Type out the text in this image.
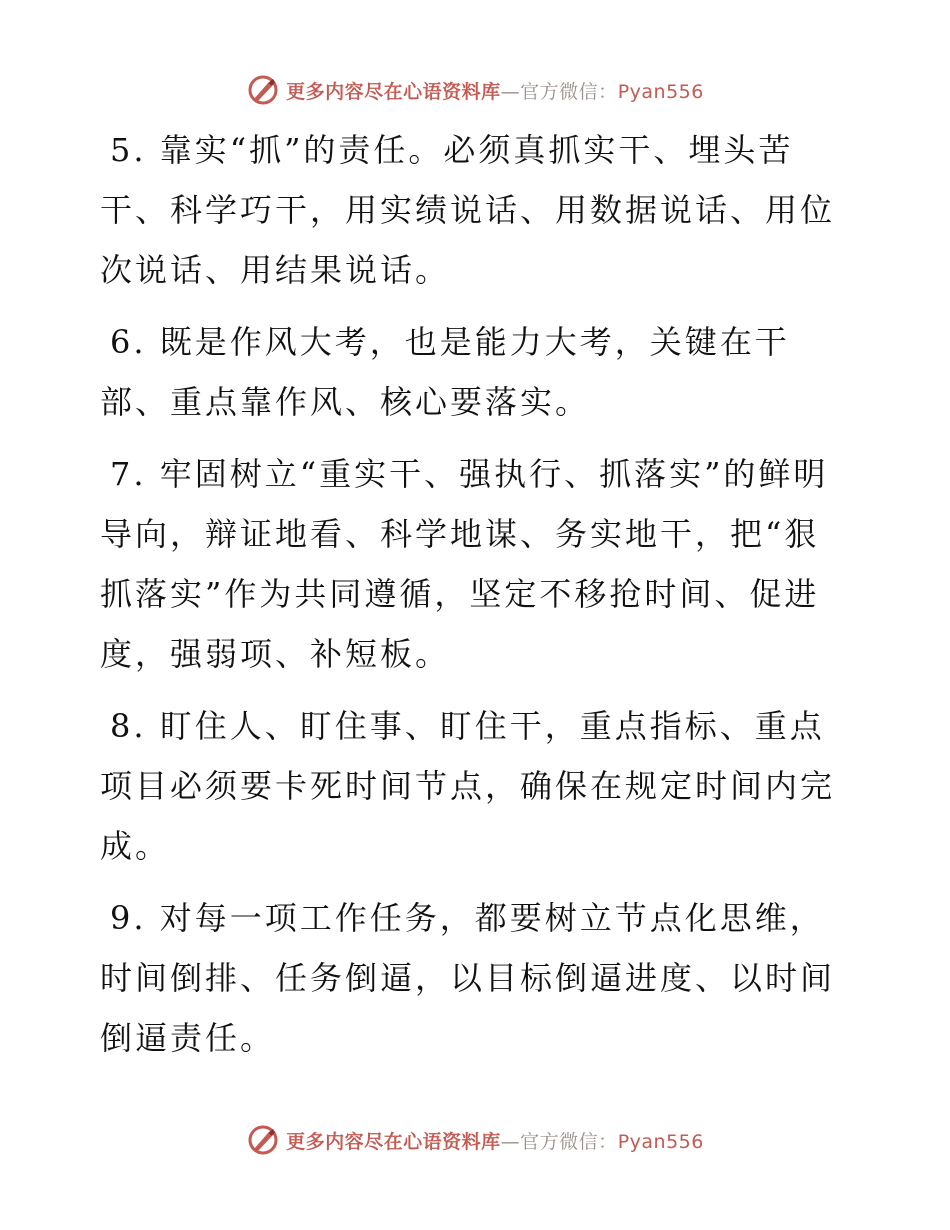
更多内容尽在心语资料库—官方微信：Pyan556

5. 靠实“抓”的责任。必须真抓实干、埋头苦干、科学巧干，用实绩说话、用数据说话、用位次说话、用结果说话。

6. 既是作风大考，也是能力大考，关键在干部、重点靠作风、核心要落实。

7. 牢固树立“重实干、强执行、抓落实”的鲜明导向，辩证地看、科学地谋、务实地干，把“狠抓落实”作为共同遵循，坚定不移抢时间、促进度，强弱项、补短板。

8. 盯住人、盯住事、盯住干，重点指标、重点项目必须要卡死时间节点，确保在规定时间内完成。

9. 对每一项工作任务，都要树立节点化思维，时间倒排、任务倒逼，以目标倒逼进度、以时间倒逼责任。

更多内容尽在心语资料库—官方微信：Pyan556
